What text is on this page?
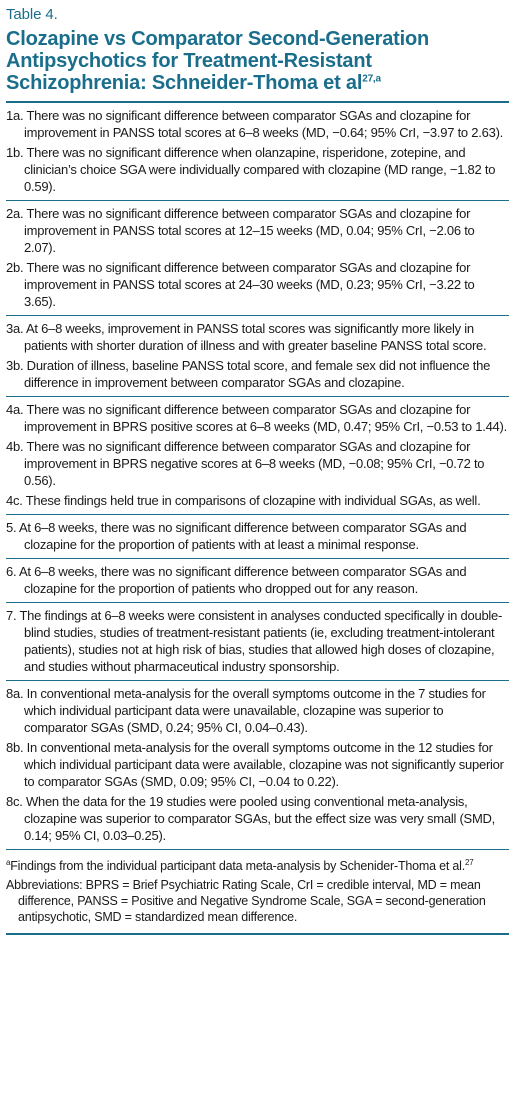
Table 4.
Clozapine vs Comparator Second-Generation Antipsychotics for Treatment-Resistant Schizophrenia: Schneider-Thoma et al$^{27,a}$
1a. There was no significant difference between comparator SGAs and clozapine for improvement in PANSS total scores at 6–8 weeks (MD, −0.64; 95% CrI, −3.97 to 2.63).
1b. There was no significant difference when olanzapine, risperidone, zotepine, and clinician’s choice SGA were individually compared with clozapine (MD range, −1.82 to 0.59).
2a. There was no significant difference between comparator SGAs and clozapine for improvement in PANSS total scores at 12–15 weeks (MD, 0.04; 95% CrI, −2.06 to 2.07).
2b. There was no significant difference between comparator SGAs and clozapine for improvement in PANSS total scores at 24–30 weeks (MD, 0.23; 95% CrI, −3.22 to 3.65).
3a. At 6–8 weeks, improvement in PANSS total scores was significantly more likely in patients with shorter duration of illness and with greater baseline PANSS total score.
3b. Duration of illness, baseline PANSS total score, and female sex did not influence the difference in improvement between comparator SGAs and clozapine.
4a. There was no significant difference between comparator SGAs and clozapine for improvement in BPRS positive scores at 6–8 weeks (MD, 0.47; 95% CrI, −0.53 to 1.44).
4b. There was no significant difference between comparator SGAs and clozapine for improvement in BPRS negative scores at 6–8 weeks (MD, −0.08; 95% CrI, −0.72 to 0.56).
4c. These findings held true in comparisons of clozapine with individual SGAs, as well.
5. At 6–8 weeks, there was no significant difference between comparator SGAs and clozapine for the proportion of patients with at least a minimal response.
6. At 6–8 weeks, there was no significant difference between comparator SGAs and clozapine for the proportion of patients who dropped out for any reason.
7. The findings at 6–8 weeks were consistent in analyses conducted specifically in double-blind studies, studies of treatment-resistant patients (ie, excluding treatment-intolerant patients), studies not at high risk of bias, studies that allowed high doses of clozapine, and studies without pharmaceutical industry sponsorship.
8a. In conventional meta-analysis for the overall symptoms outcome in the 7 studies for which individual participant data were unavailable, clozapine was superior to comparator SGAs (SMD, 0.24; 95% CI, 0.04–0.43).
8b. In conventional meta-analysis for the overall symptoms outcome in the 12 studies for which individual participant data were available, clozapine was not significantly superior to comparator SGAs (SMD, 0.09; 95% CI, −0.04 to 0.22).
8c. When the data for the 19 studies were pooled using conventional meta-analysis, clozapine was superior to comparator SGAs, but the effect size was very small (SMD, 0.14; 95% CI, 0.03–0.25).
$^a$Findings from the individual participant data meta-analysis by Schenider-Thoma et al.$^{27}$
Abbreviations: BPRS = Brief Psychiatric Rating Scale, CrI = credible interval, MD = mean difference, PANSS = Positive and Negative Syndrome Scale, SGA = second-generation antipsychotic, SMD = standardized mean difference.
